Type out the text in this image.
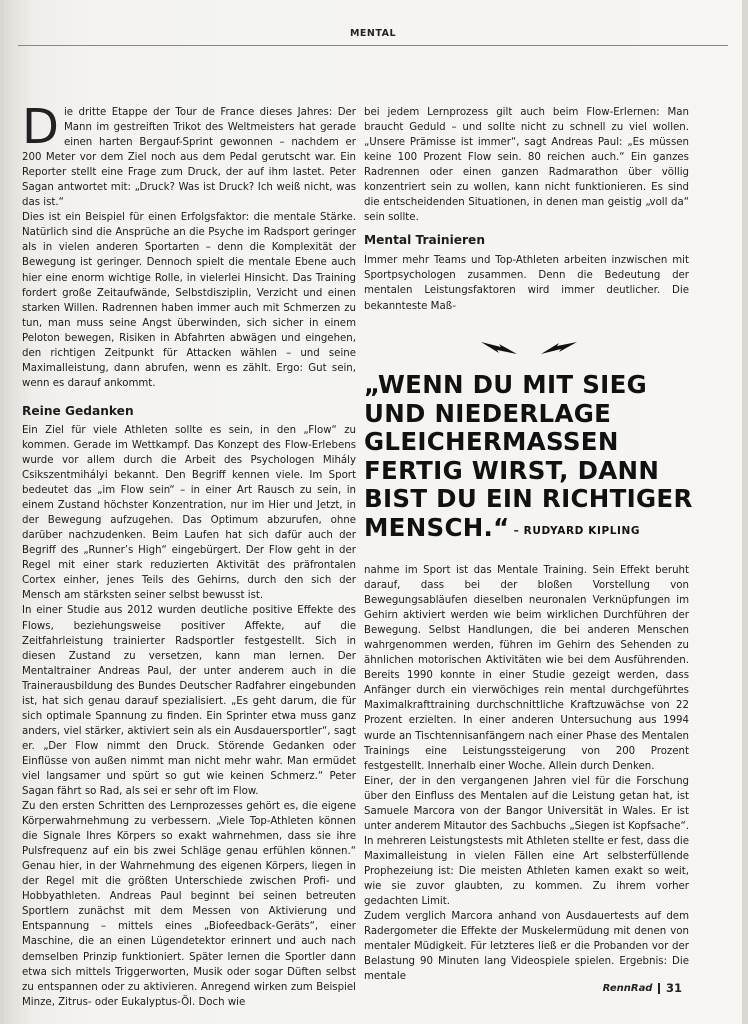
MENTAL

Die dritte Etappe der Tour de France dieses Jahres: Der Mann im gestreiften Trikot des Weltmeisters hat gerade einen harten Bergauf-Sprint gewonnen – nachdem er 200 Meter vor dem Ziel noch aus dem Pedal gerutscht war. Ein Reporter stellt eine Frage zum Druck, der auf ihm lastet. Peter Sagan antwortet mit: „Druck? Was ist Druck? Ich weiß nicht, was das ist.“

Dies ist ein Beispiel für einen Erfolgsfaktor: die mentale Stärke. Natürlich sind die Ansprüche an die Psyche im Radsport geringer als in vielen anderen Sportarten – denn die Komplexität der Bewegung ist geringer. Dennoch spielt die mentale Ebene auch hier eine enorm wichtige Rolle, in vielerlei Hinsicht. Das Training fordert große Zeitaufwände, Selbstdisziplin, Verzicht und einen starken Willen. Radrennen haben immer auch mit Schmerzen zu tun, man muss seine Angst überwinden, sich sicher in einem Peloton bewegen, Risiken in Abfahrten abwägen und eingehen, den richtigen Zeitpunkt für Attacken wählen – und seine Maximalleistung, dann abrufen, wenn es zählt. Ergo: Gut sein, wenn es darauf ankommt.

Reine Gedanken

Ein Ziel für viele Athleten sollte es sein, in den „Flow“ zu kommen. Gerade im Wettkampf. Das Konzept des Flow-Erlebens wurde vor allem durch die Arbeit des Psychologen Mihály Csikszentmihályi bekannt. Den Begriff kennen viele. Im Sport bedeutet das „im Flow sein“ – in einer Art Rausch zu sein, in einem Zustand höchster Konzentration, nur im Hier und Jetzt, in der Bewegung aufzugehen. Das Optimum abzurufen, ohne darüber nachzudenken. Beim Laufen hat sich dafür auch der Begriff des „Runner’s High“ eingebürgert. Der Flow geht in der Regel mit einer stark reduzierten Aktivität des präfrontalen Cortex einher, jenes Teils des Gehirns, durch den sich der Mensch am stärksten seiner selbst bewusst ist.

In einer Studie aus 2012 wurden deutliche positive Effekte des Flows, beziehungsweise positiver Affekte, auf die Zeitfahrleistung trainierter Radsportler festgestellt. Sich in diesen Zustand zu versetzen, kann man lernen. Der Mentaltrainer Andreas Paul, der unter anderem auch in die Trainerausbildung des Bundes Deutscher Radfahrer eingebunden ist, hat sich genau darauf spezialisiert. „Es geht darum, die für sich optimale Spannung zu finden. Ein Sprinter etwa muss ganz anders, viel stärker, aktiviert sein als ein Ausdauersportler“, sagt er. „Der Flow nimmt den Druck. Störende Gedanken oder Einflüsse von außen nimmt man nicht mehr wahr. Man ermüdet viel langsamer und spürt so gut wie keinen Schmerz.“ Peter Sagan fährt so Rad, als sei er sehr oft im Flow.

Zu den ersten Schritten des Lernprozesses gehört es, die eigene Körperwahrnehmung zu verbessern. „Viele Top-Athleten können die Signale Ihres Körpers so exakt wahrnehmen, dass sie ihre Pulsfrequenz auf ein bis zwei Schläge genau erfühlen können.“ Genau hier, in der Wahrnehmung des eigenen Körpers, liegen in der Regel mit die größten Unterschiede zwischen Profi- und Hobbyathleten. Andreas Paul beginnt bei seinen betreuten Sportlern zunächst mit dem Messen von Aktivierung und Entspannung – mittels eines „Biofeedback-Geräts“, einer Maschine, die an einen Lügendetektor erinnert und auch nach demselben Prinzip funktioniert. Später lernen die Sportler dann etwa sich mittels Triggerworten, Musik oder sogar Düften selbst zu entspannen oder zu aktivieren. Anregend wirken zum Beispiel Minze, Zitrus- oder Eukalyptus-Öl. Doch wie

bei jedem Lernprozess gilt auch beim Flow-Erlernen: Man braucht Geduld – und sollte nicht zu schnell zu viel wollen. „Unsere Prämisse ist immer“, sagt Andreas Paul: „Es müssen keine 100 Prozent Flow sein. 80 reichen auch.“ Ein ganzes Radrennen oder einen ganzen Radmarathon über völlig konzentriert sein zu wollen, kann nicht funktionieren. Es sind die entscheidenden Situationen, in denen man geistig „voll da“ sein sollte.

Mental Trainieren

Immer mehr Teams und Top-Athleten arbeiten inzwischen mit Sportpsychologen zusammen. Denn die Bedeutung der mentalen Leistungsfaktoren wird immer deutlicher. Die bekannteste Maß-

„WENN DU MIT SIEG
UND NIEDERLAGE
GLEICHERMASSEN
FERTIG WIRST, DANN
BIST DU EIN RICHTIGER
MENSCH.“ – RUDYARD KIPLING

nahme im Sport ist das Mentale Training. Sein Effekt beruht darauf, dass bei der bloßen Vorstellung von Bewegungsabläufen dieselben neuronalen Verknüpfungen im Gehirn aktiviert werden wie beim wirklichen Durchführen der Bewegung. Selbst Handlungen, die bei anderen Menschen wahrgenommen werden, führen im Gehirn des Sehenden zu ähnlichen motorischen Aktivitäten wie bei dem Ausführenden. Bereits 1990 konnte in einer Studie gezeigt werden, dass Anfänger durch ein vierwöchiges rein mental durchgeführtes Maximalkrafttraining durchschnittliche Kraftzuwächse von 22 Prozent erzielten. In einer anderen Untersuchung aus 1994 wurde an Tischtennisanfängern nach einer Phase des Mentalen Trainings eine Leistungssteigerung von 200 Prozent festgestellt. Innerhalb einer Woche. Allein durch Denken.

Einer, der in den vergangenen Jahren viel für die Forschung über den Einfluss des Mentalen auf die Leistung getan hat, ist Samuele Marcora von der Bangor Universität in Wales. Er ist unter anderem Mitautor des Sachbuchs „Siegen ist Kopfsache“. In mehreren Leistungstests mit Athleten stellte er fest, dass die Maximalleistung in vielen Fällen eine Art selbsterfüllende Prophezeiung ist: Die meisten Athleten kamen exakt so weit, wie sie zuvor glaubten, zu kommen. Zu ihrem vorher gedachten Limit.

Zudem verglich Marcora anhand von Ausdauertests auf dem Radergometer die Effekte der Muskelermüdung mit denen von mentaler Müdigkeit. Für letzteres ließ er die Probanden vor der Belastung 90 Minuten lang Videospiele spielen. Ergebnis: Die mentale

RennRad 31
